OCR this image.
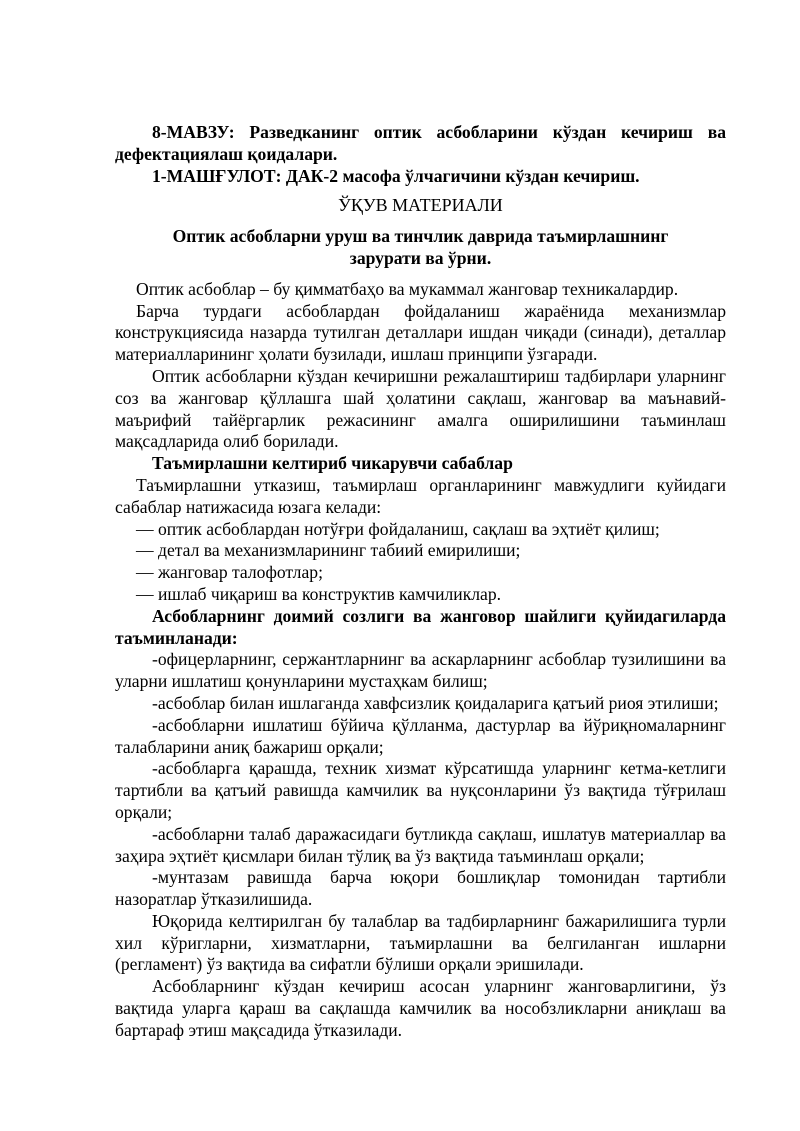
8-МАВЗУ: Разведканинг оптик асбобларини кўздан кечириш ва дефектациялаш қоидалари.

1-МАШҒУЛОТ: ДАК-2 масофа ўлчагичини кўздан кечириш.

ЎҚУВ МАТЕРИАЛИ

Оптик асбобларни уруш ва тинчлик даврида таъмирлашнинг зарурати ва ўрни.

Оптик асбоблар – бу қимматбаҳо ва мукаммал жанговар техникалардир.

Барча турдаги асбоблардан фойдаланиш жараёнида механизмлар конструкциясида назарда тутилган деталлари ишдан чиқади (синади), деталлар материалларининг ҳолати бузилади, ишлаш принципи ўзгаради.

Оптик асбобларни кўздан кечиришни режалаштириш тадбирлари уларнинг соз ва жанговар қўллашга шай ҳолатини сақлаш, жанговар ва маънавий-маърифий тайёргарлик режасининг амалга оширилишини таъминлаш мақсадларида олиб борилади.

Таъмирлашни келтириб чикарувчи сабаблар

Таъмирлашни утказиш, таъмирлаш органларининг мавжудлиги куйидаги сабаблар натижасида юзага келади:

— оптик асбоблардан нотўғри фойдаланиш, сақлаш ва эҳтиёт қилиш;

— детал ва механизмларининг табиий емирилиши;

— жанговар талофотлар;

— ишлаб чиқариш ва конструктив камчиликлар.

Асбобларнинг доимий созлиги ва жанговор шайлиги қуйидагиларда таъминланади:

-офицерларнинг, сержантларнинг ва аскарларнинг асбоблар тузилишини ва уларни ишлатиш қонунларини мустаҳкам билиш;

-асбоблар билан ишлаганда хавфсизлик қоидаларига қатъий риоя этилиши;

-асбобларни ишлатиш бўйича қўлланма, дастурлар ва йўриқномаларнинг талабларини аниқ бажариш орқали;

-асбобларга қарашда, техник хизмат кўрсатишда уларнинг кетма-кетлиги тартибли ва қатъий равишда камчилик ва нуқсонларини ўз вақтида тўғрилаш орқали;

-асбобларни талаб даражасидаги бутликда сақлаш, ишлатув материаллар ва заҳира эҳтиёт қисмлари билан тўлиқ ва ўз вақтида таъминлаш орқали;

-мунтазам равишда барча юқори бошлиқлар томонидан тартибли назоратлар ўтказилишида.

Юқорида келтирилган бу талаблар ва тадбирларнинг бажарилишига турли хил кўригларни, хизматларни, таъмирлашни ва белгиланган ишларни (регламент) ўз вақтида ва сифатли бўлиши орқали эришилади.

Асбобларнинг кўздан кечириш асосан уларнинг жанговарлигини, ўз вақтида уларга қараш ва сақлашда камчилик ва нособзликларни аниқлаш ва бартараф этиш мақсадида ўтказилади.
